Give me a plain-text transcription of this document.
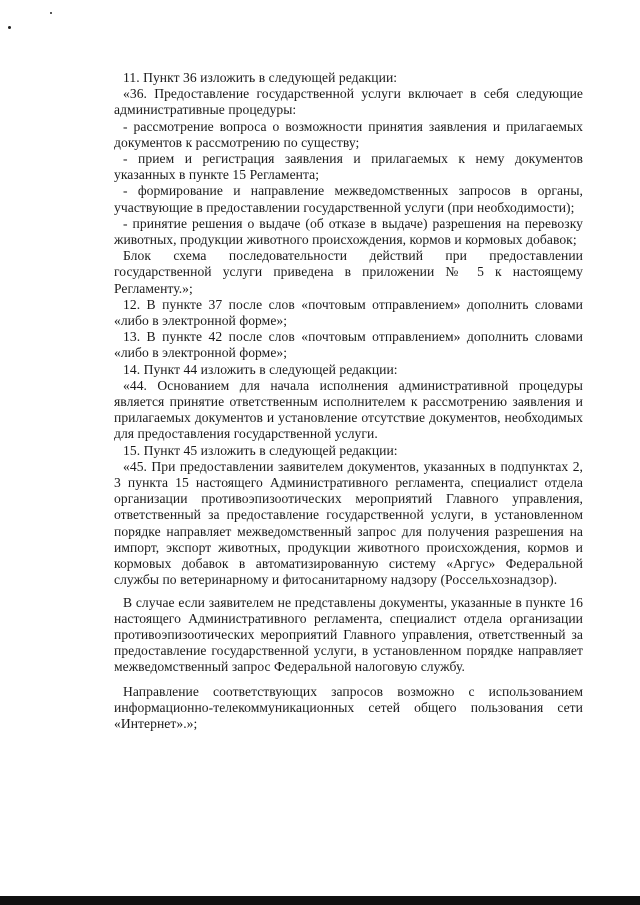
11. Пункт 36 изложить в следующей редакции:

«36. Предоставление государственной услуги включает в себя следующие административные процедуры:

- рассмотрение вопроса о возможности принятия заявления и прилагаемых документов к рассмотрению по существу;

- прием и регистрация заявления и прилагаемых к нему документов указанных в пункте 15 Регламента;

- формирование и направление межведомственных запросов в органы, участвующие в предоставлении государственной услуги (при необходимости);

- принятие решения о выдаче (об отказе в выдаче) разрешения на перевозку животных, продукции животного происхождения, кормов и кормовых добавок;

Блок схема последовательности действий при предоставлении государственной услуги приведена в приложении № 5 к настоящему Регламенту.»;

12. В пункте 37 после слов «почтовым отправлением» дополнить словами «либо в электронной форме»;

13. В пункте 42 после слов «почтовым отправлением» дополнить словами «либо в электронной форме»;

14. Пункт 44 изложить в следующей редакции:

«44. Основанием для начала исполнения административной процедуры является принятие ответственным исполнителем к рассмотрению заявления и прилагаемых документов и установление отсутствие документов, необходимых для предоставления государственной услуги.

15. Пункт 45 изложить в следующей редакции:

«45. При предоставлении заявителем документов, указанных в подпунктах 2, 3 пункта 15 настоящего Административного регламента, специалист отдела организации противоэпизоотических мероприятий Главного управления, ответственный за предоставление государственной услуги, в установленном порядке направляет межведомственный запрос для получения разрешения на импорт, экспорт животных, продукции животного происхождения, кормов и кормовых добавок в автоматизированную систему «Аргус» Федеральной службы по ветеринарному и фитосанитарному надзору (Россельхознадзор).

В случае если заявителем не представлены документы, указанные в пункте 16 настоящего Административного регламента, специалист отдела организации противоэпизоотических мероприятий Главного управления, ответственный за предоставление государственной услуги, в установленном порядке направляет межведомственный запрос Федеральной налоговую службу.

Направление соответствующих запросов возможно с использованием информационно-телекоммуникационных сетей общего пользования сети «Интернет».»;
